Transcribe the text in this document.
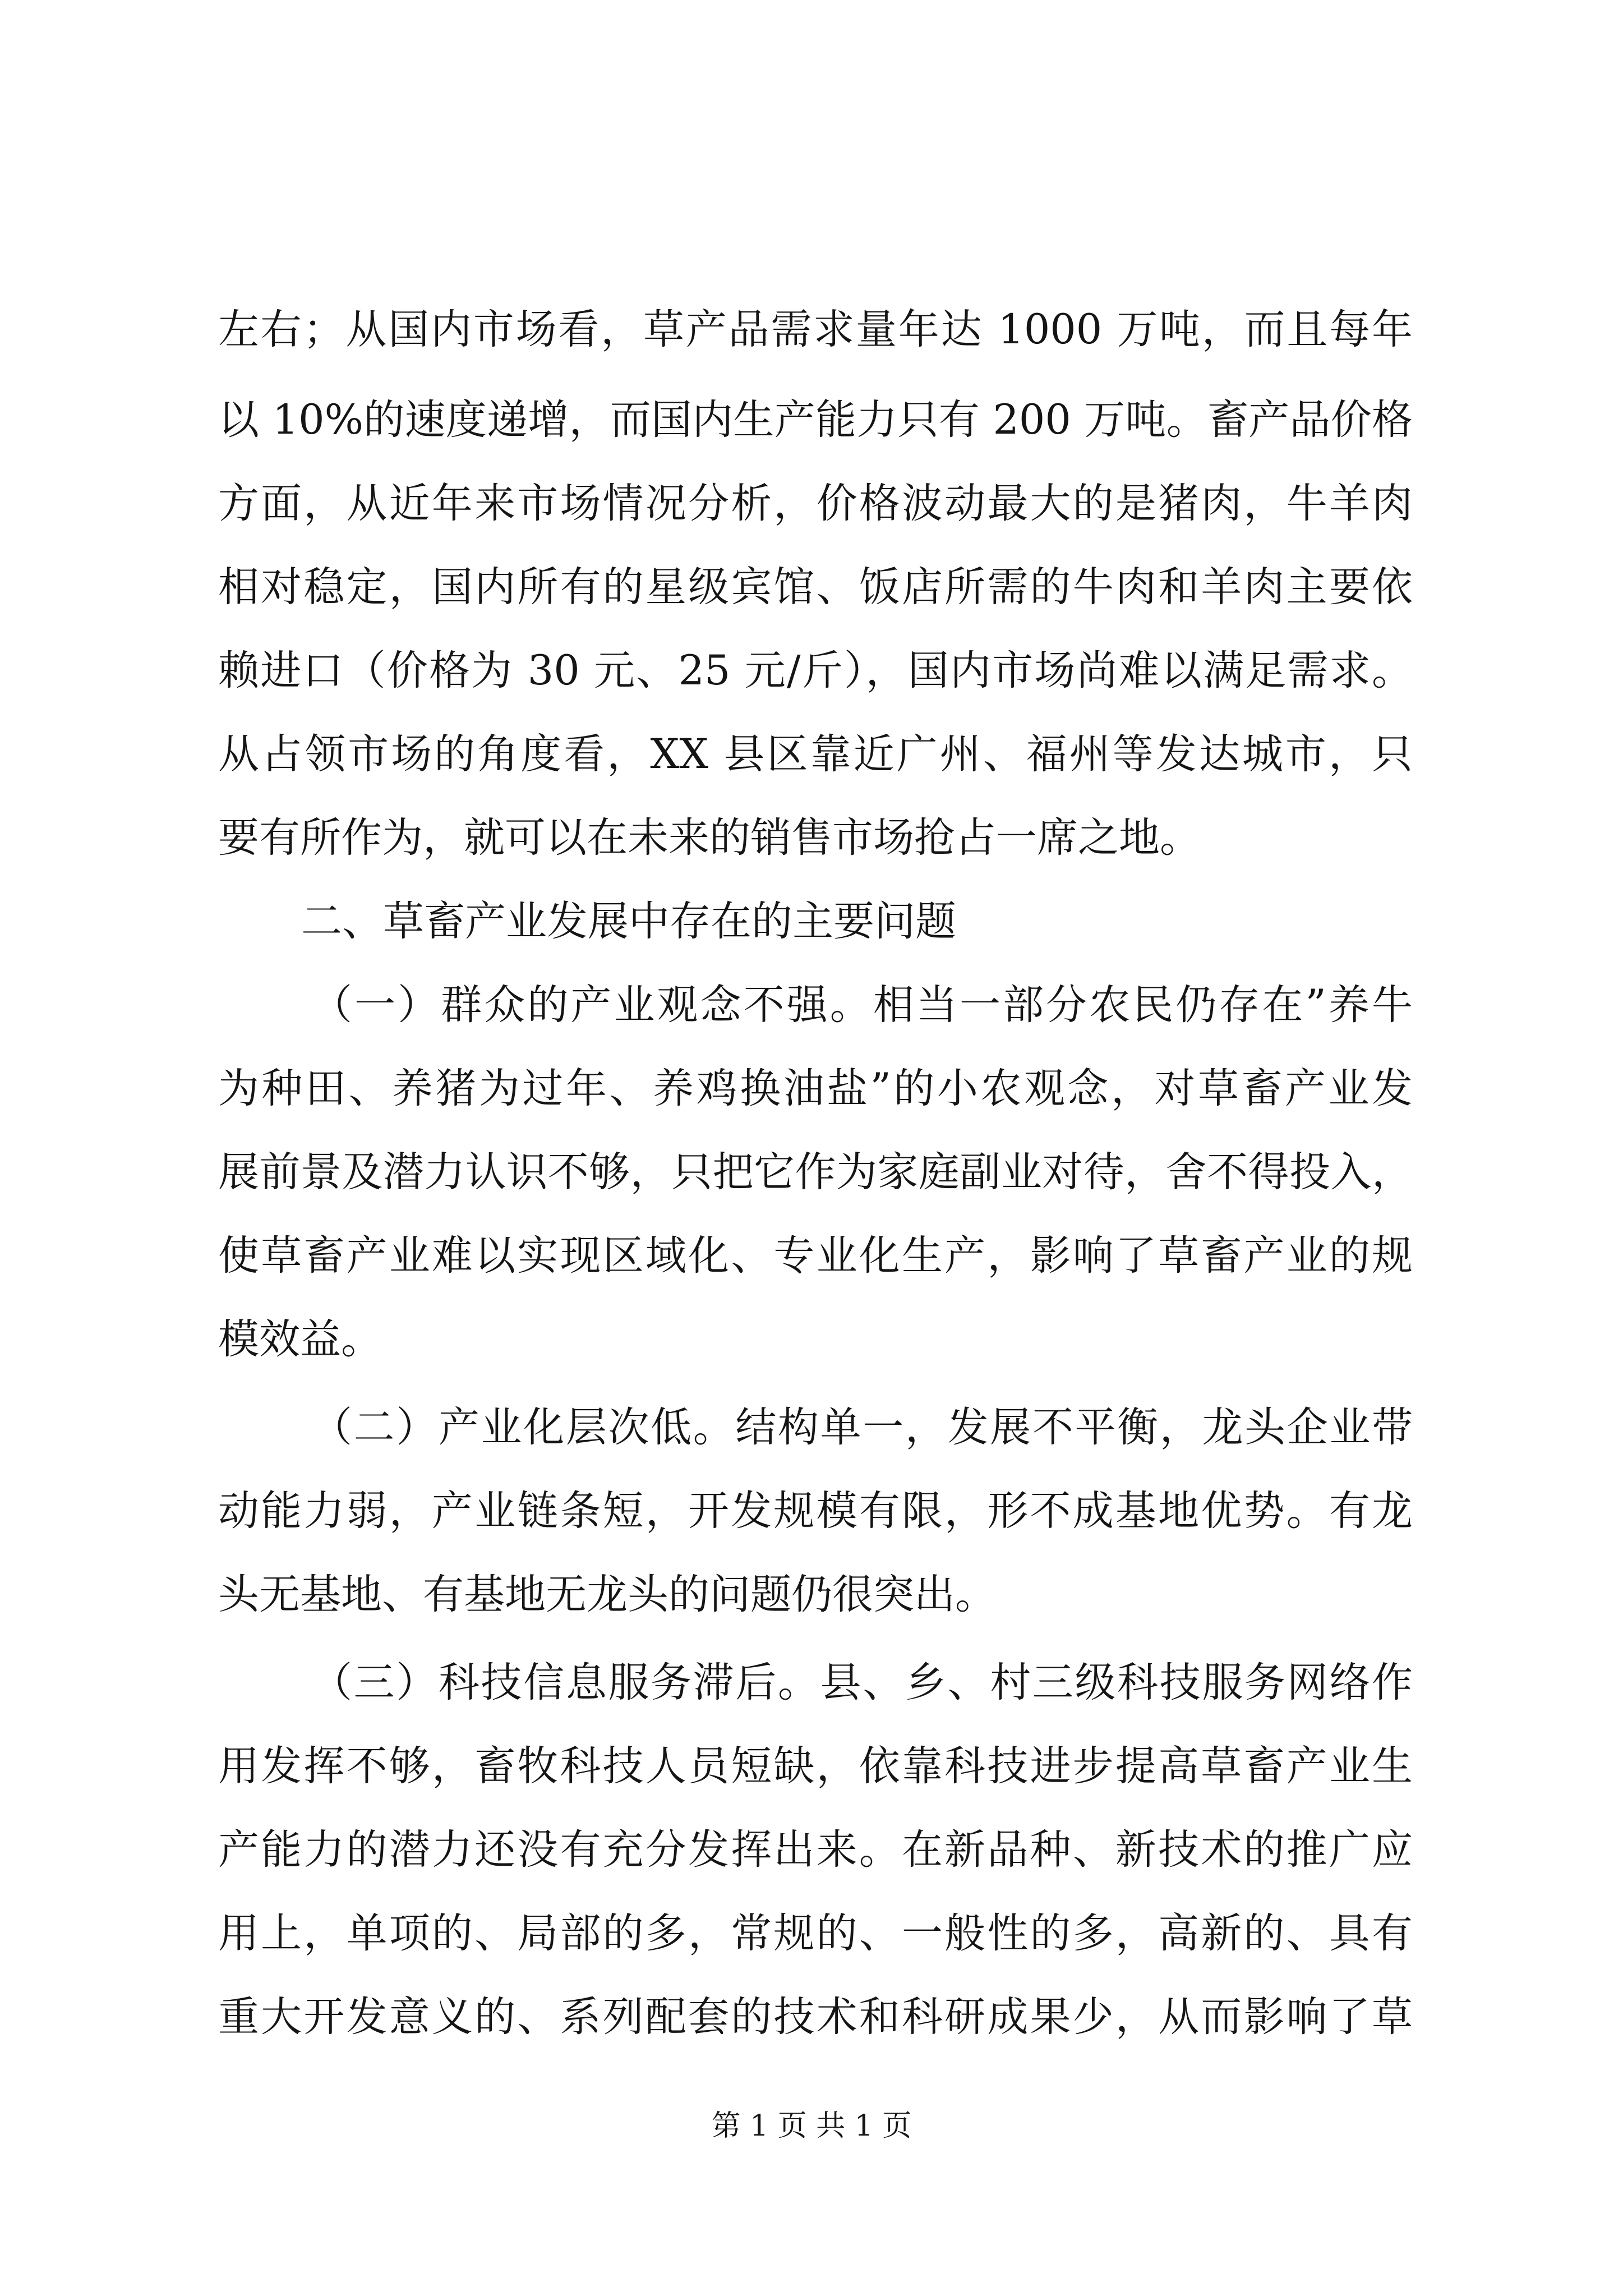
左右；从国内市场看，草产品需求量年达 1000 万吨，而且每年
以 10%的速度递增，而国内生产能力只有 200 万吨。畜产品价格
方面，从近年来市场情况分析，价格波动最大的是猪肉，牛羊肉
相对稳定，国内所有的星级宾馆、饭店所需的牛肉和羊肉主要依
赖进口（价格为 30 元、25 元/斤），国内市场尚难以满足需求。
从占领市场的角度看，XX 县区靠近广州、福州等发达城市，只
要有所作为，就可以在未来的销售市场抢占一席之地。
二、草畜产业发展中存在的主要问题
（一）群众的产业观念不强。相当一部分农民仍存在”养牛
为种田、养猪为过年、养鸡换油盐”的小农观念，对草畜产业发
展前景及潜力认识不够，只把它作为家庭副业对待，舍不得投入，
使草畜产业难以实现区域化、专业化生产，影响了草畜产业的规
模效益。
（二）产业化层次低。结构单一，发展不平衡，龙头企业带
动能力弱，产业链条短，开发规模有限，形不成基地优势。有龙
头无基地、有基地无龙头的问题仍很突出。
（三）科技信息服务滞后。县、乡、村三级科技服务网络作
用发挥不够，畜牧科技人员短缺，依靠科技进步提高草畜产业生
产能力的潜力还没有充分发挥出来。在新品种、新技术的推广应
用上，单项的、局部的多，常规的、一般性的多，高新的、具有
重大开发意义的、系列配套的技术和科研成果少，从而影响了草
第 1 页 共 1 页
